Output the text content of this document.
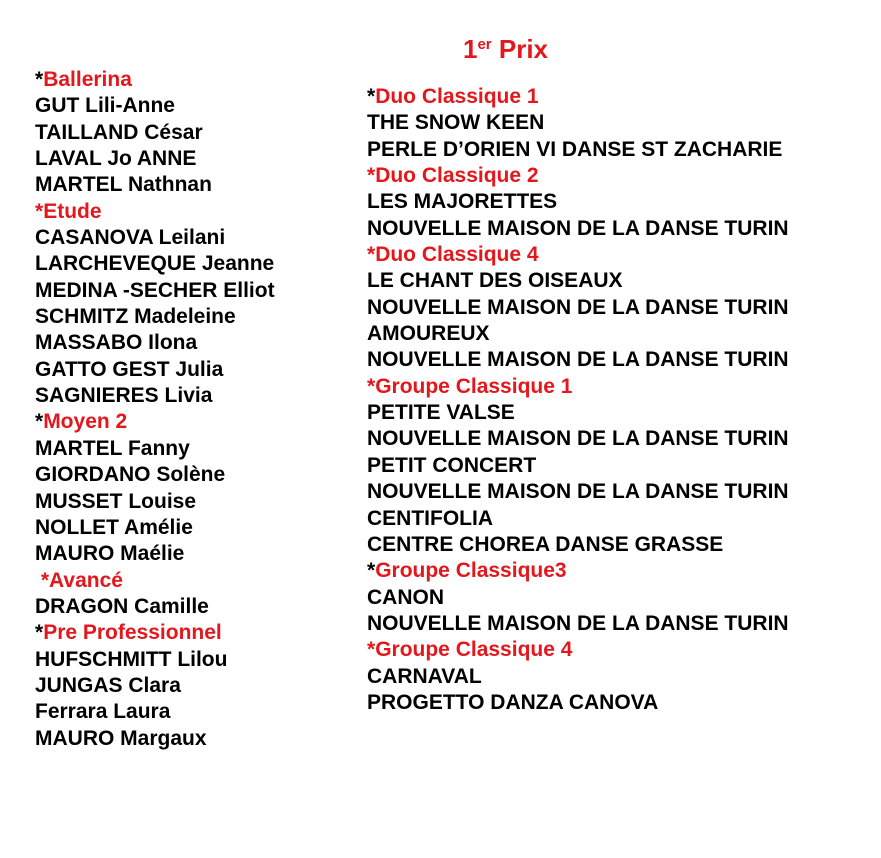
1er Prix
*Ballerina
GUT Lili-Anne
TAILLAND César
LAVAL Jo ANNE
MARTEL Nathnan
*Etude
CASANOVA Leilani
LARCHEVEQUE Jeanne
MEDINA -SECHER Elliot
SCHMITZ Madeleine
MASSABO Ilona
GATTO GEST Julia
SAGNIERES Livia
*Moyen 2
MARTEL Fanny
GIORDANO Solène
MUSSET Louise
NOLLET Amélie
MAURO Maélie
*Avancé
DRAGON Camille
*Pre Professionnel
HUFSCHMITT Lilou
JUNGAS Clara
Ferrara Laura
MAURO Margaux
*Duo Classique 1
THE SNOW KEEN
PERLE D’ORIEN VI DANSE ST ZACHARIE
*Duo Classique 2
LES MAJORETTES
NOUVELLE MAISON DE LA DANSE TURIN
*Duo Classique 4
LE CHANT DES OISEAUX
NOUVELLE MAISON DE LA DANSE TURIN
AMOUREUX
NOUVELLE MAISON DE LA DANSE TURIN
*Groupe Classique 1
PETITE VALSE
NOUVELLE MAISON DE LA DANSE TURIN
PETIT CONCERT
NOUVELLE MAISON DE LA DANSE TURIN
CENTIFOLIA
CENTRE CHOREA DANSE GRASSE
*Groupe Classique3
CANON
NOUVELLE MAISON DE LA DANSE TURIN
*Groupe Classique 4
CARNAVAL
PROGETTO DANZA CANOVA
